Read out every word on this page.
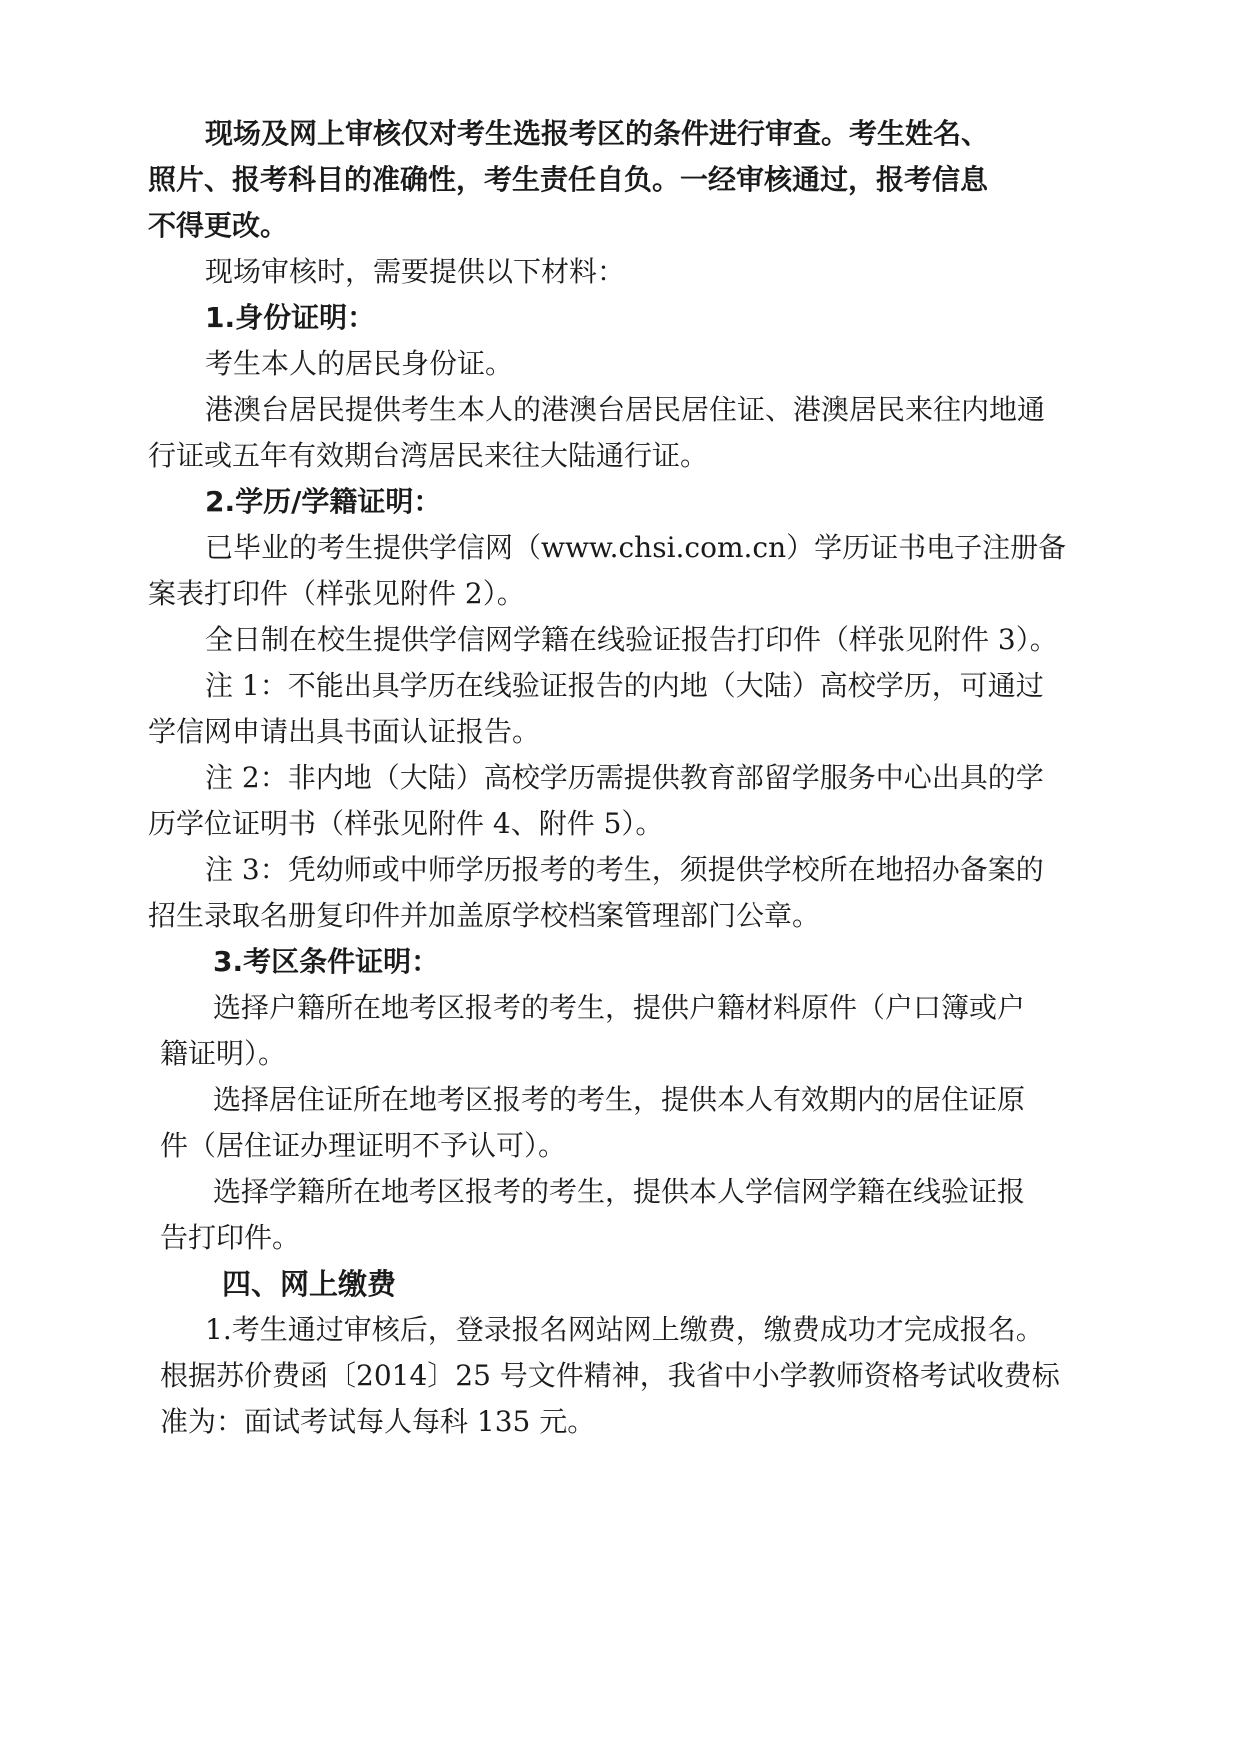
现场及网上审核仅对考生选报考区的条件进行审查。考生姓名、
照片、报考科目的准确性，考生责任自负。一经审核通过，报考信息
不得更改。
现场审核时，需要提供以下材料：
1.身份证明：
考生本人的居民身份证。
港澳台居民提供考生本人的港澳台居民居住证、港澳居民来往内地通
行证或五年有效期台湾居民来往大陆通行证。
2.学历/学籍证明：
已毕业的考生提供学信网（www.chsi.com.cn）学历证书电子注册备
案表打印件（样张见附件 2）。
全日制在校生提供学信网学籍在线验证报告打印件（样张见附件 3）。
注 1：不能出具学历在线验证报告的内地（大陆）高校学历，可通过
学信网申请出具书面认证报告。
注 2：非内地（大陆）高校学历需提供教育部留学服务中心出具的学
历学位证明书（样张见附件 4、附件 5）。
注 3：凭幼师或中师学历报考的考生，须提供学校所在地招办备案的
招生录取名册复印件并加盖原学校档案管理部门公章。
3.考区条件证明：
选择户籍所在地考区报考的考生，提供户籍材料原件（户口簿或户
籍证明）。
选择居住证所在地考区报考的考生，提供本人有效期内的居住证原
件（居住证办理证明不予认可）。
选择学籍所在地考区报考的考生，提供本人学信网学籍在线验证报
告打印件。
四、网上缴费
1.考生通过审核后，登录报名网站网上缴费，缴费成功才完成报名。
根据苏价费函〔2014〕25 号文件精神，我省中小学教师资格考试收费标
准为：面试考试每人每科 135 元。
